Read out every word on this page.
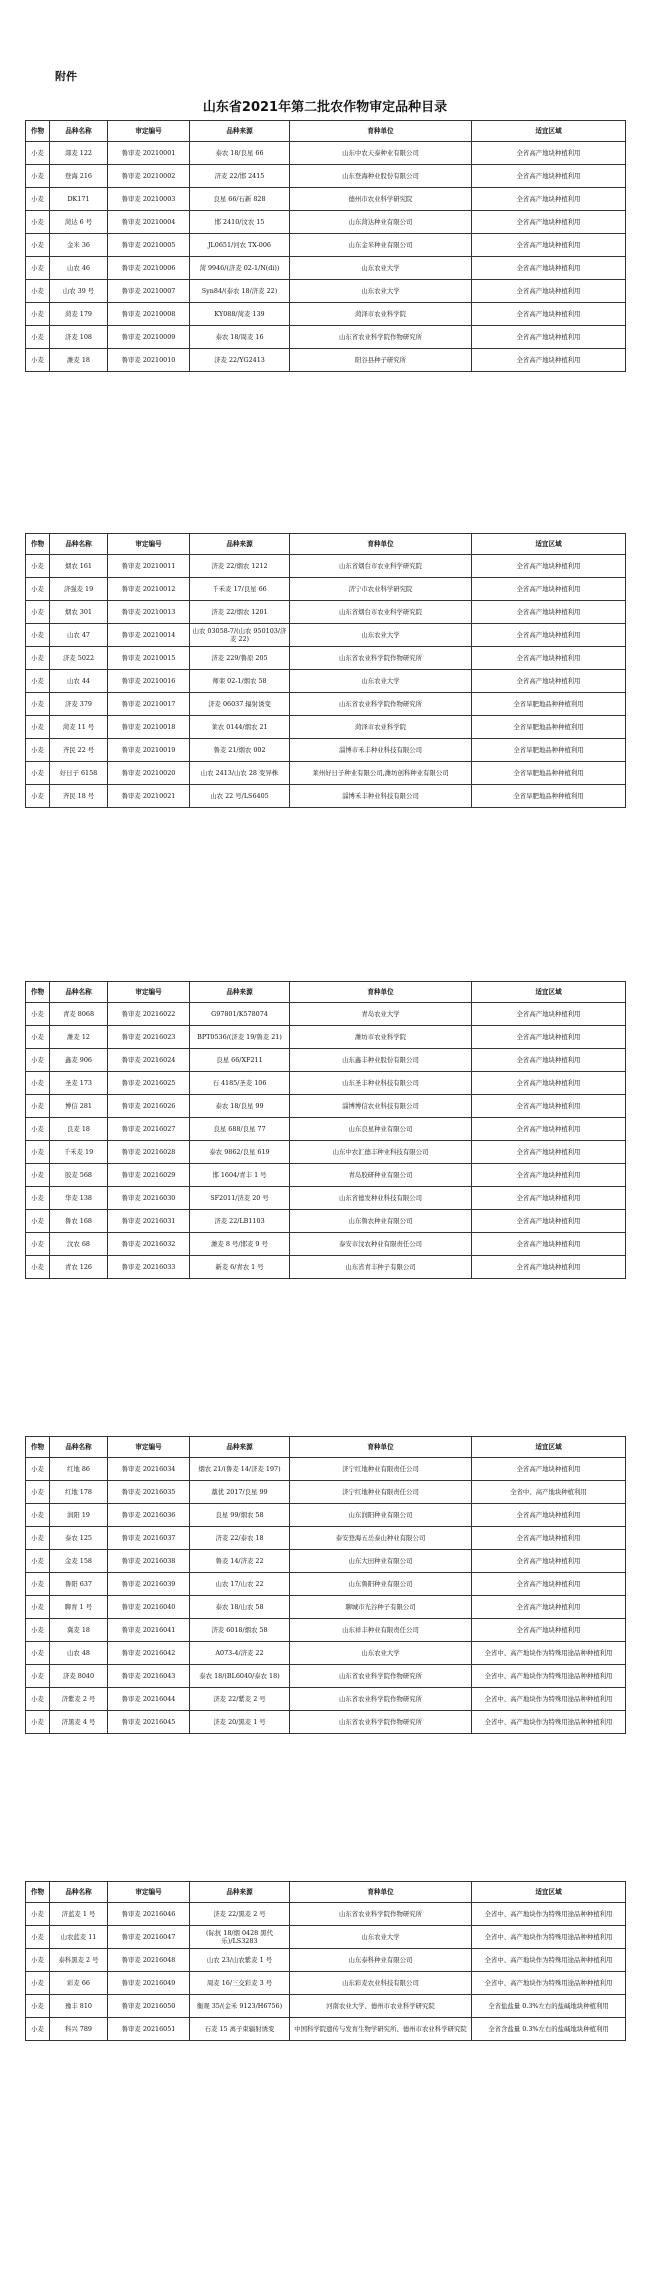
附件
山东省2021年第二批农作物审定品种目录
作物	品种名称	审定编号	品种来源	育种单位	适宜区域
小麦	郯麦 122	鲁审麦 20210001	泰农 18/良星 66	山东中农天泰种业有限公司	全省高产地块种植利用
小麦	登海 216	鲁审麦 20210002	济麦 22/邯 2415	山东登海种业股份有限公司	全省高产地块种植利用
小麦	DK171	鲁审麦 20210003	良星 66/石新 828	德州市农业科学研究院	全省高产地块种植利用
小麦	菏达 6 号	鲁审麦 20210004	邯 2410/汶农 15	山东菏达种业有限公司	全省高产地块种植利用
小麦	金米 36	鲁审麦 20210005	JL0651/河农 TX-006	山东金米种业有限公司	全省高产地块种植利用
小麦	山农 46	鲁审麦 20210006	菏 9946/(济麦 02-1/N(di))	山东农业大学	全省高产地块种植利用
小麦	山农 39 号	鲁审麦 20210007	Syn84/(泰农 18/济麦 22)	山东农业大学	全省高产地块种植利用
小麦	菏麦 179	鲁审麦 20210008	KY088/菏麦 139	菏泽市农业科学院	全省高产地块种植利用
小麦	济麦 108	鲁审麦 20210009	泰农 18/周麦 16	山东省农业科学院作物研究所	全省高产地块种植利用
小麦	潍麦 18	鲁审麦 20210010	济麦 22/YG2413	阳谷县种子研究所	全省高产地块种植利用
作物	品种名称	审定编号	品种来源	育种单位	适宜区域
小麦	烟农 161	鲁审麦 20210011	济麦 22/烟农 1212	山东省烟台市农业科学研究院	全省高产地块种植利用
小麦	济强麦 19	鲁审麦 20210012	千禾麦 17/良星 66	济宁市农业科学研究院	全省高产地块种植利用
小麦	烟农 301	鲁审麦 20210013	济麦 22/烟农 1201	山东省烟台市农业科学研究院	全省高产地块种植利用
小麦	山农 47	鲁审麦 20210014	山农 03058-7/(山农 950103/济麦 22)	山东农业大学	全省高产地块种植利用
小麦	济麦 5022	鲁审麦 20210015	济麦 229/鲁原 205	山东省农业科学院作物研究所	全省高产地块种植利用
小麦	山农 44	鲁审麦 20210016	师栾 02-1/烟农 58	山东农业大学	全省高产地块种植利用
小麦	济麦 379	鲁审麦 20210017	济麦 06037 辐射诱变	山东省农业科学院作物研究所	全省旱肥地品种种植利用
小麦	菏麦 11 号	鲁审麦 20210018	莱农 0144/烟农 21	菏泽市农业科学院	全省旱肥地品种种植利用
小麦	齐民 22 号	鲁审麦 20210019	鲁麦 21/烟农 002	淄博市禾丰种业科技有限公司	全省旱肥地品种种植利用
小麦	好日子 6158	鲁审麦 20210020	山农 2413/山农 28 变异株	莱州好日子种业有限公司,潍坊创科种业有限公司	全省旱肥地品种种植利用
小麦	齐民 18 号	鲁审麦 20210021	山农 22 号/LS6405	淄博禾丰种业科技有限公司	全省旱肥地品种种植利用
作物	品种名称	审定编号	品种来源	育种单位	适宜区域
小麦	青麦 8068	鲁审麦 20216022	G97801/K578074	青岛农业大学	全省高产地块种植利用
小麦	潍麦 12	鲁审麦 20216023	BPT0536/(济麦 19/鲁麦 21)	潍坊市农业科学院	全省高产地块种植利用
小麦	鑫麦 906	鲁审麦 20216024	良星 66/XF211	山东鑫丰种业股份有限公司	全省高产地块种植利用
小麦	圣麦 173	鲁审麦 20216025	石 4185/圣麦 106	山东圣丰种业科技有限公司	全省高产地块种植利用
小麦	博信 281	鲁审麦 20216026	泰农 18/良星 99	淄博博信农业科技有限公司	全省高产地块种植利用
小麦	良麦 18	鲁审麦 20216027	良星 688/良星 77	山东良星种业有限公司	全省高产地块种植利用
小麦	千禾麦 19	鲁审麦 20216028	泰农 9862/良星 619	山东中农汇德丰种业科技有限公司	全省高产地块种植利用
小麦	胶麦 568	鲁审麦 20216029	邯 1604/青丰 1 号	青岛胶研种业有限公司	全省高产地块种植利用
小麦	华麦 138	鲁审麦 20216030	SF2011/济麦 20 号	山东省德发种业科技有限公司	全省高产地块种植利用
小麦	鲁农 168	鲁审麦 20216031	济麦 22/LB1103	山东鲁农种业有限公司	全省高产地块种植利用
小麦	汶农 68	鲁审麦 20216032	潍麦 8 号/邯麦 9 号	泰安市汶农种业有限责任公司	全省高产地块种植利用
小麦	青农 126	鲁审麦 20216033	新麦 6/青农 1 号	山东省青丰种子有限公司	全省高产地块种植利用
作物	品种名称	审定编号	品种来源	育种单位	适宜区域
小麦	红地 86	鲁审麦 20216034	烟农 21/(鲁麦 14/济麦 197)	济宁红地种业有限责任公司	全省高产地块种植利用
小麦	红地 178	鲁审麦 20216035	藁优 2017/良星 99	济宁红地种业有限责任公司	全省中、高产地块种植利用
小麦	润阳 19	鲁审麦 20216036	良星 99/烟农 58	山东润阳种业有限公司	全省高产地块种植利用
小麦	泰农 125	鲁审麦 20216037	济麦 22/泰农 18	泰安登海五岳泰山种业有限公司	全省高产地块种植利用
小麦	金麦 158	鲁审麦 20216038	鲁麦 14/济麦 22	山东大田种业有限公司	全省高产地块种植利用
小麦	鲁阳 637	鲁审麦 20216039	山农 17/山农 22	山东鲁阳种业有限公司	全省高产地块种植利用
小麦	聊育 1 号	鲁审麦 20216040	泰农 18/山农 58	聊城市光谷种子有限公司	全省高产地块种植利用
小麦	冀麦 18	鲁审麦 20216041	济麦 6018/烟农 58	山东祥丰种业有限责任公司	全省高产地块种植利用
小麦	山农 48	鲁审麦 20216042	A073-4/济麦 22	山东农业大学	全省中、高产地块作为特殊用途品种种植利用
小麦	济麦 8040	鲁审麦 20216043	泰农 18/(BL6040/泰农 18)	山东省农业科学院作物研究所	全省中、高产地块作为特殊用途品种种植利用
小麦	济紫麦 2 号	鲁审麦 20216044	济麦 22/紫麦 2 号	山东省农业科学院作物研究所	全省中、高产地块作为特殊用途品种种植利用
小麦	济黑麦 4 号	鲁审麦 20216045	济麦 20/黑麦 1 号	山东省农业科学院作物研究所	全省中、高产地块作为特殊用途品种种植利用
作物	品种名称	审定编号	品种来源	育种单位	适宜区域
小麦	济蓝麦 1 号	鲁审麦 20216046	济麦 22/黑麦 2 号	山东省农业科学院作物研究所	全省中、高产地块作为特殊用途品种种植利用
小麦	山农蓝麦 11	鲁审麦 20216047	(际抗 18/烟 0428 黑代乐)/LS3283	山东农业大学	全省中、高产地块作为特殊用途品种种植利用
小麦	泰科黑麦 2 号	鲁审麦 20216048	山农 23/山农紫麦 1 号	山东泰科种业有限公司	全省中、高产地块作为特殊用途品种种植利用
小麦	彩麦 66	鲁审麦 20216049	周麦 16/三交彩麦 3 号	山东彩麦农业科技有限公司	全省中、高产地块作为特殊用途品种种植利用
小麦	豫丰 810	鲁审麦 20216050	衡观 35/(金禾 9123/H6756)	河南农业大学、德州市农业科学研究院	全省盐盐量 0.3%左右的盐碱地块种植利用
小麦	科兴 789	鲁审麦 20216051	石麦 15 离子束辐射诱变	中国科学院遗传与发育生物学研究所、德州市农业科学研究院	全省含盐量 0.3%左右的盐碱地块种植利用
